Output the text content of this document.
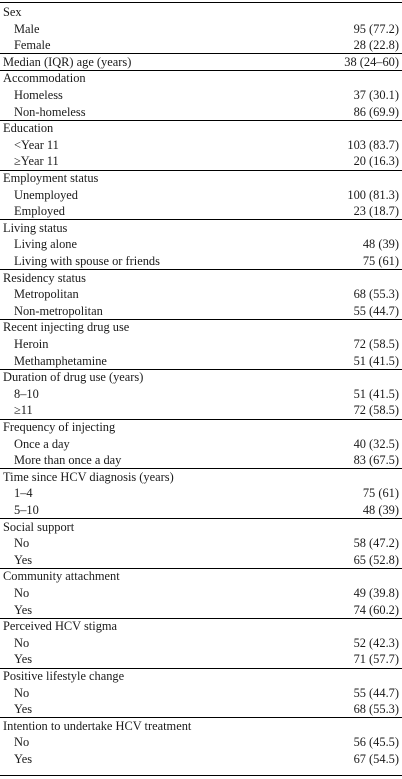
Sex
Male	95 (77.2)
Female	28 (22.8)
Median (IQR) age (years)	38 (24–60)
Accommodation
Homeless	37 (30.1)
Non-homeless	86 (69.9)
Education
<Year 11	103 (83.7)
≥Year 11	20 (16.3)
Employment status
Unemployed	100 (81.3)
Employed	23 (18.7)
Living status
Living alone	48 (39)
Living with spouse or friends	75 (61)
Residency status
Metropolitan	68 (55.3)
Non-metropolitan	55 (44.7)
Recent injecting drug use
Heroin	72 (58.5)
Methamphetamine	51 (41.5)
Duration of drug use (years)
8–10	51 (41.5)
≥11	72 (58.5)
Frequency of injecting
Once a day	40 (32.5)
More than once a day	83 (67.5)
Time since HCV diagnosis (years)
1–4	75 (61)
5–10	48 (39)
Social support
No	58 (47.2)
Yes	65 (52.8)
Community attachment
No	49 (39.8)
Yes	74 (60.2)
Perceived HCV stigma
No	52 (42.3)
Yes	71 (57.7)
Positive lifestyle change
No	55 (44.7)
Yes	68 (55.3)
Intention to undertake HCV treatment
No	56 (45.5)
Yes	67 (54.5)
